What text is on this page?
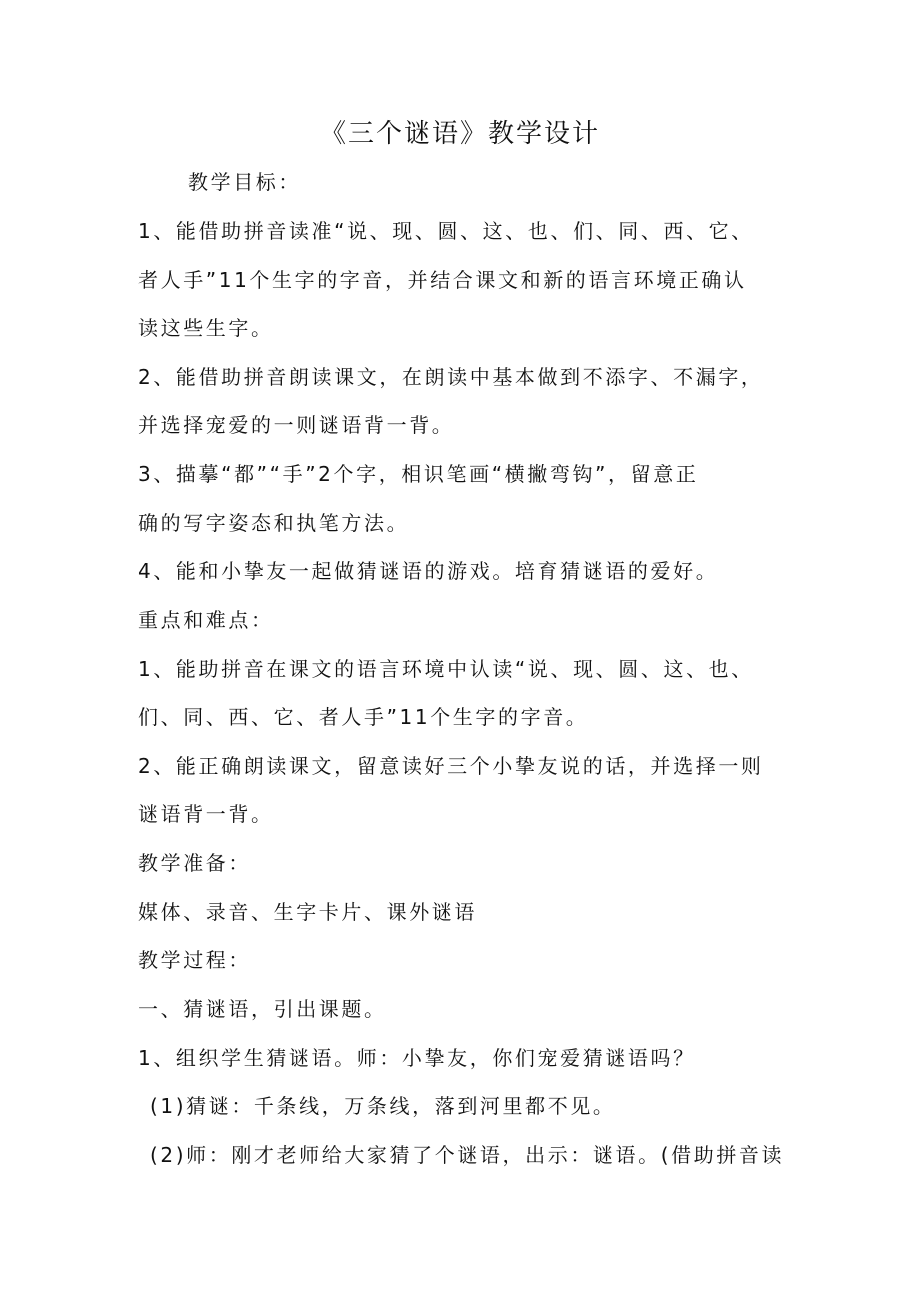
《三个谜语》教学设计
教学目标：
1、能借助拼音读准“说、现、圆、这、也、们、同、西、它、
者人手”11个生字的字音，并结合课文和新的语言环境正确认
读这些生字。
2、能借助拼音朗读课文，在朗读中基本做到不添字、不漏字，
并选择宠爱的一则谜语背一背。
3、描摹“都”“手”2个字，相识笔画“横撇弯钩”，留意正
确的写字姿态和执笔方法。
4、能和小挚友一起做猜谜语的游戏。培育猜谜语的爱好。
重点和难点：
1、能助拼音在课文的语言环境中认读“说、现、圆、这、也、
们、同、西、它、者人手”11个生字的字音。
2、能正确朗读课文，留意读好三个小挚友说的话，并选择一则
谜语背一背。
教学准备：
媒体、录音、生字卡片、课外谜语
教学过程：
一、猜谜语，引出课题。
1、组织学生猜谜语。师：小挚友，你们宠爱猜谜语吗？
(1)猜谜：千条线，万条线，落到河里都不见。
(2)师：刚才老师给大家猜了个谜语，出示：谜语。(借助拼音读
